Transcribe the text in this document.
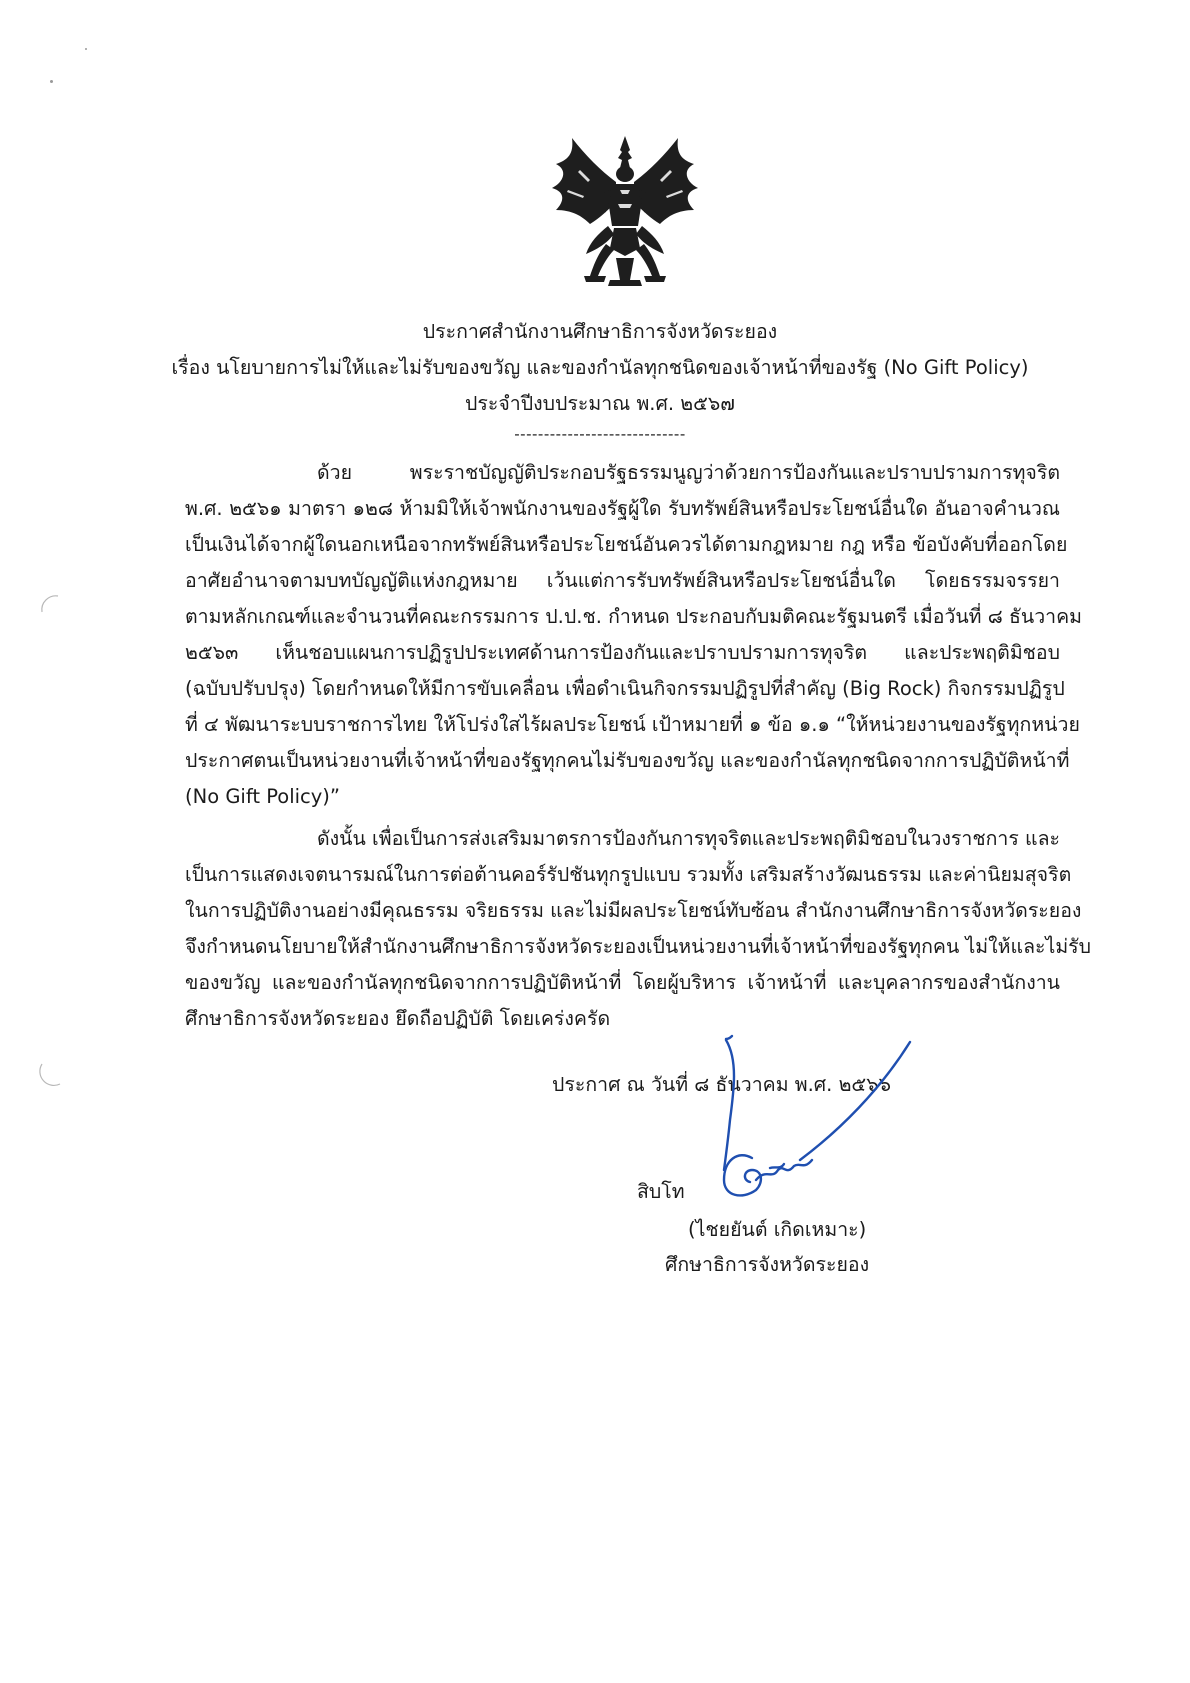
ประกาศสำนักงานศึกษาธิการจังหวัดระยอง
เรื่อง นโยบายการไม่ให้และไม่รับของขวัญ และของกำนัลทุกชนิดของเจ้าหน้าที่ของรัฐ (No Gift Policy)
ประจำปีงบประมาณ พ.ศ. ๒๕๖๗
-----------------------------
ด้วย พระราชบัญญัติประกอบรัฐธรรมนูญว่าด้วยการป้องกันและปราบปรามการทุจริต
พ.ศ. ๒๕๖๑ มาตรา ๑๒๘ ห้ามมิให้เจ้าพนักงานของรัฐผู้ใด รับทรัพย์สินหรือประโยชน์อื่นใด อันอาจคำนวณ
เป็นเงินได้จากผู้ใดนอกเหนือจากทรัพย์สินหรือประโยชน์อันควรได้ตามกฎหมาย กฎ หรือ ข้อบังคับที่ออกโดย
อาศัยอำนาจตามบทบัญญัติแห่งกฎหมาย เว้นแต่การรับทรัพย์สินหรือประโยชน์อื่นใด โดยธรรมจรรยา
ตามหลักเกณฑ์และจำนวนที่คณะกรรมการ ป.ป.ช. กำหนด ประกอบกับมติคณะรัฐมนตรี เมื่อวันที่ ๘ ธันวาคม
๒๕๖๓ เห็นชอบแผนการปฏิรูปประเทศด้านการป้องกันและปราบปรามการทุจริต และประพฤติมิชอบ
(ฉบับปรับปรุง) โดยกำหนดให้มีการขับเคลื่อน เพื่อดำเนินกิจกรรมปฏิรูปที่สำคัญ (Big Rock) กิจกรรมปฏิรูป
ที่ ๔ พัฒนาระบบราชการไทย ให้โปร่งใสไร้ผลประโยชน์ เป้าหมายที่ ๑ ข้อ ๑.๑ “ให้หน่วยงานของรัฐทุกหน่วย
ประกาศตนเป็นหน่วยงานที่เจ้าหน้าที่ของรัฐทุกคนไม่รับของขวัญ และของกำนัลทุกชนิดจากการปฏิบัติหน้าที่
(No Gift Policy)”
ดังนั้น เพื่อเป็นการส่งเสริมมาตรการป้องกันการทุจริตและประพฤติมิชอบในวงราชการ และ
เป็นการแสดงเจตนารมณ์ในการต่อต้านคอร์รัปชันทุกรูปแบบ รวมทั้ง เสริมสร้างวัฒนธรรม และค่านิยมสุจริต
ในการปฏิบัติงานอย่างมีคุณธรรม จริยธรรม และไม่มีผลประโยชน์ทับซ้อน สำนักงานศึกษาธิการจังหวัดระยอง
จึงกำหนดนโยบายให้สำนักงานศึกษาธิการจังหวัดระยองเป็นหน่วยงานที่เจ้าหน้าที่ของรัฐทุกคน ไม่ให้และไม่รับ
ของขวัญ และของกำนัลทุกชนิดจากการปฏิบัติหน้าที่ โดยผู้บริหาร เจ้าหน้าที่ และบุคลากรของสำนักงาน
ศึกษาธิการจังหวัดระยอง ยึดถือปฏิบัติ โดยเคร่งครัด
ประกาศ ณ วันที่ ๘ ธันวาคม พ.ศ. ๒๕๖๖
สิบโท
(ไชยยันต์ เกิดเหมาะ)
ศึกษาธิการจังหวัดระยอง
